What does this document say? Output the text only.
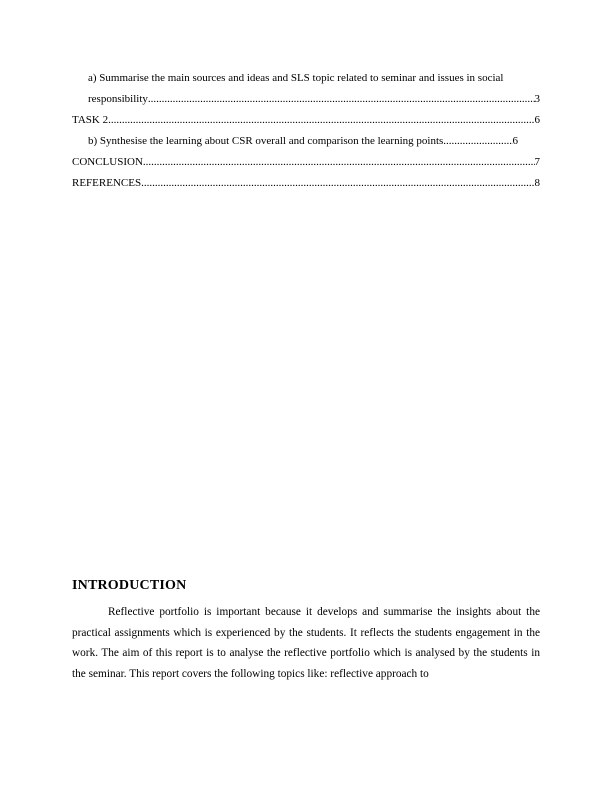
a) Summarise the main sources and ideas and SLS topic related to seminar and issues in social
responsibility .....	3
TASK 2 .....	6
b) Synthesise the learning about CSR overall and comparison the learning points .....	6
CONCLUSION .....	7
REFERENCES .....	8
INTRODUCTION

Reflective portfolio is important because it develops and summarise the insights about the practical assignments which is experienced by the students. It reflects the students engagement in the work. The aim of this report is to analyse the reflective portfolio which is analysed by the students in the seminar. This report covers the following topics like: reflective approach to
